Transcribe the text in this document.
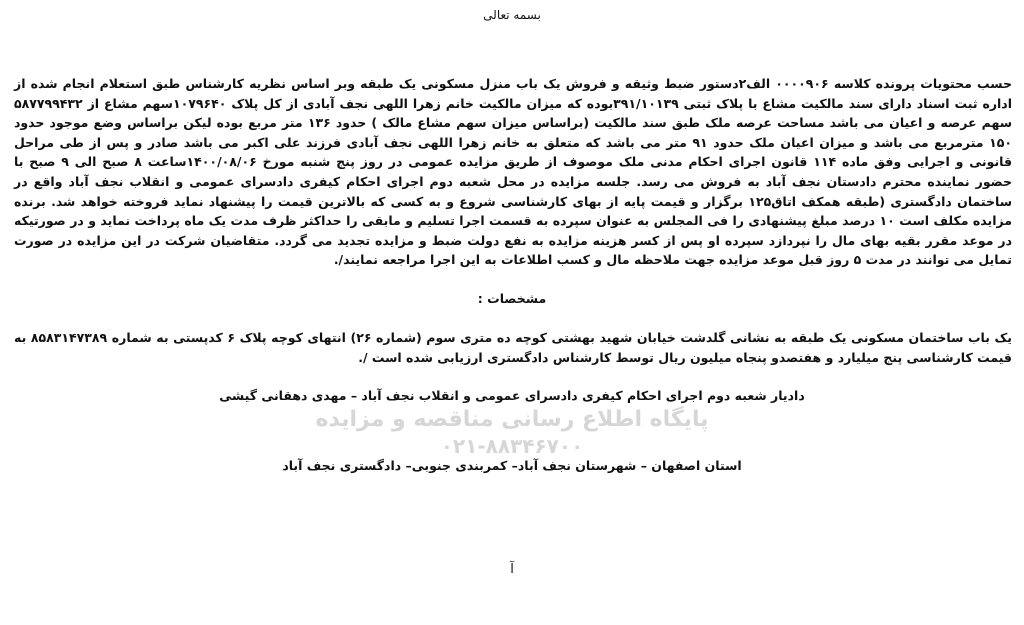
بسمه تعالی
حسب محتویات پرونده کلاسه ۰۰۰۰۹۰۶ الف۲دستور ضبط وثیقه و فروش یک باب منزل مسکونی یک طبقه وبر اساس نظریه کارشناس طبق استعلام انجام شده از اداره ثبت اسناد دارای سند مالکیت مشاع با پلاک ثبتی ۳۹۱/۱۰۱۳۹بوده که میزان مالکیت خانم زهرا اللهی نجف آبادی از کل پلاک ۱۰۷۹۶۴۰سهم مشاع از ۵۸۷۷۹۹۴۳۲ سهم عرصه و اعیان می باشد مساحت عرصه ملک طبق سند مالکیت (براساس میزان سهم مشاع مالک ) حدود ۱۳۶ متر مربع بوده لیکن براساس وضع موجود حدود ۱۵۰ مترمربع می باشد و میزان اعیان ملک حدود ۹۱ متر می باشد که متعلق به خانم زهرا اللهی نجف آبادی فرزند علی اکبر می باشد صادر و پس از طی مراحل قانونی و اجرایی وفق ماده ۱۱۴ قانون اجرای احکام مدنی ملک موصوف از طریق مزایده عمومی در روز پنج شنبه مورخ ۱۴۰۰/۰۸/۰۶ساعت ۸ صبح الی ۹ صبح با حضور نماینده محترم دادستان نجف آباد به فروش می رسد. جلسه مزایده در محل شعبه دوم اجرای احکام کیفری دادسرای عمومی و انقلاب نجف آباد واقع در ساختمان دادگستری (طبقه همکف اتاق۱۲۵ برگزار و قیمت پایه از بهای کارشناسی شروع و به کسی که بالاترین قیمت را پیشنهاد نماید فروخته خواهد شد. برنده مزایده مکلف است ۱۰ درصد مبلغ پیشنهادی را فی المجلس به عنوان سپرده به قسمت اجرا تسلیم و مابقی را حداکثر ظرف مدت یک ماه پرداخت نماید و در صورتیکه در موعد مقرر بقیه بهای مال را نپردازد سپرده او پس از کسر هزینه مزایده به نفع دولت ضبط و مزایده تجدید می گردد. متقاضیان شرکت در این مزایده در صورت تمایل می توانند در مدت ۵ روز قبل موعد مزایده جهت ملاحظه مال و کسب اطلاعات به این اجرا مراجعه نمایند/.
مشخصات :
یک باب ساختمان مسکونی یک طبقه به نشانی گلدشت خیابان شهید بهشتی کوچه ده متری سوم (شماره ۲۶) انتهای کوچه پلاک ۶ کدپستی به شماره ۸۵۸۳۱۴۷۳۸۹ به قیمت کارشناسی پنج میلیارد و هفتصدو پنجاه میلیون ریال توسط کارشناس دادگستری ارزیابی شده است /.
پایگاه اطلاع رسانی مناقصه و مزایده
۰۲۱-۸۸۳۴۶۷۰۰
دادیار شعبه دوم اجرای احکام کیفری دادسرای عمومی و انقلاب نجف آباد – مهدی دهقانی گیشی
استان اصفهان – شهرستان نجف آباد– کمربندی جنوبی– دادگستری نجف آباد
آ
